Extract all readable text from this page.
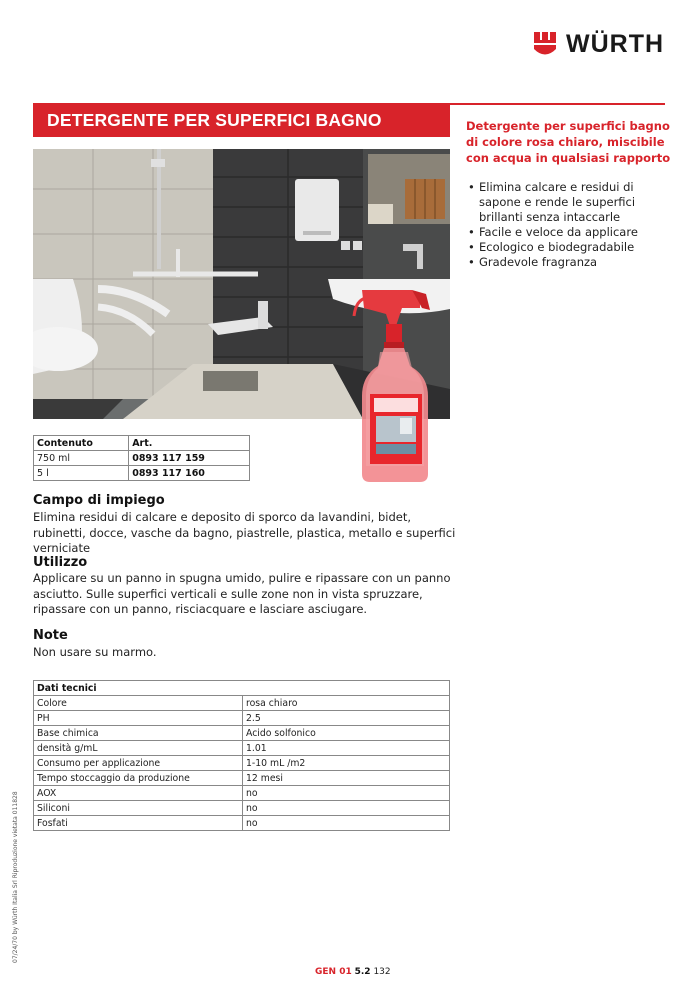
WÜRTH
DETERGENTE PER SUPERFICI BAGNO	Detergente per superfici bagno di colore rosa chiaro, miscibile con acqua in qualsiasi rapporto
• Elimina calcare e residui di sapone e rende le superfici brillanti senza intaccarle
• Facile e veloce da applicare
• Ecologico e biodegradabile
• Gradevole fragranza
Contenuto	Art.
750 ml	0893 117 159
5 l	0893 117 160
Campo di impiego

Elimina residui di calcare e deposito di sporco da lavandini, bidet, rubinetti, docce, vasche da bagno, piastrelle, plastica, metallo e superfici verniciate

Utilizzo

Applicare su un panno in spugna umido, pulire e ripassare con un panno asciutto. Sulle superfici verticali e sulle zone non in vista spruzzare, ripassare con un panno, risciacquare e lasciare asciugare.

Note

Non usare su marmo.

Dati tecnici	
Colore	rosa chiaro
PH	2.5
Base chimica	Acido solfonico
densità g/mL	1.01
Consumo per applicazione	1-10 mL /m2
Tempo stoccaggio da produzione	12 mesi
AOX	no
Siliconi	no
Fosfati	no
07/24/70 by Würth Italia Srl Riproduzione vietata 011828
GEN 01 5.2 132
